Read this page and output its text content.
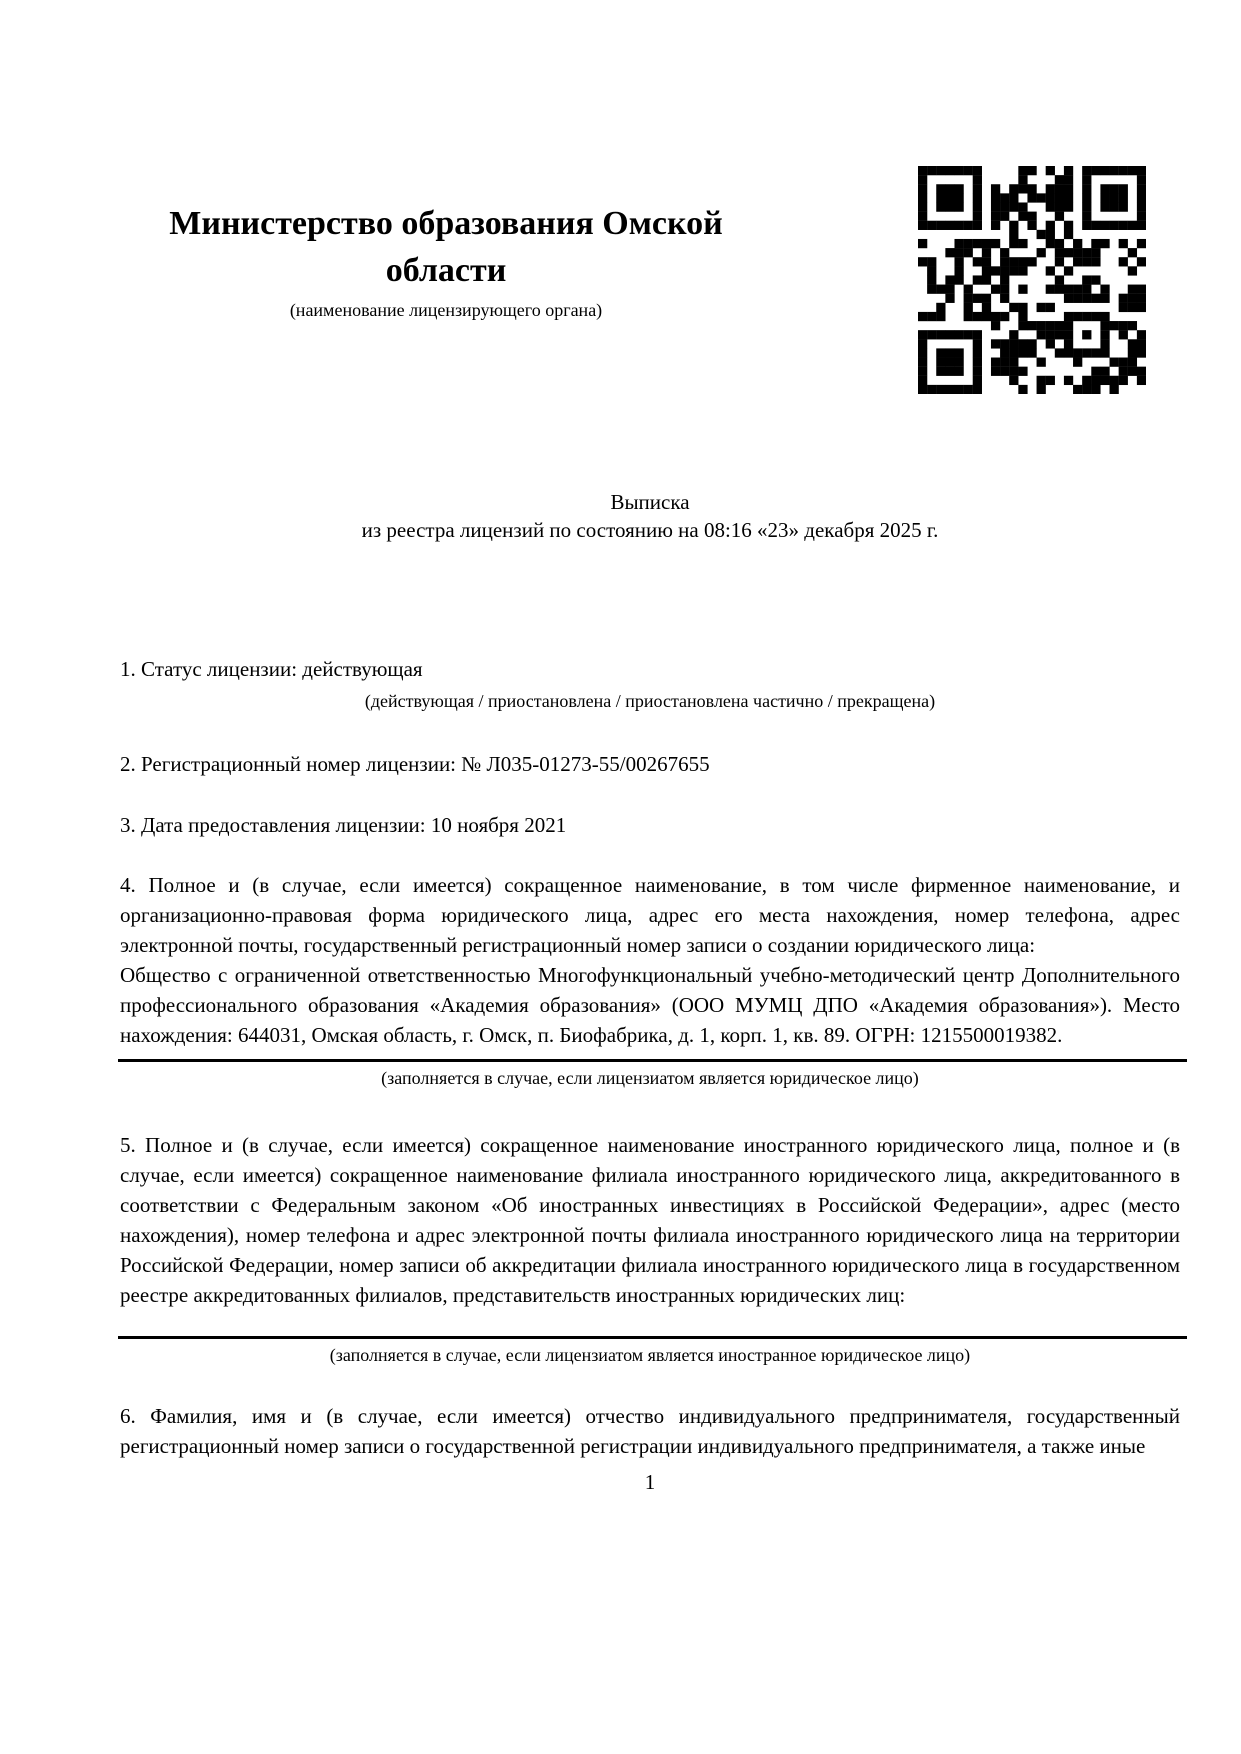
Министерство образования Омской области
(наименование лицензирующего органа)
Выписка
из реестра лицензий по состоянию на 08:16 «23» декабря 2025 г.

1. Статус лицензии: действующая

(действующая / приостановлена / приостановлена частично / прекращена)

2. Регистрационный номер лицензии: № Л035-01273-55/00267655

3. Дата предоставления лицензии: 10 ноября 2021

4. Полное и (в случае, если имеется) сокращенное наименование, в том числе фирменное наименование, и организационно-правовая форма юридического лица, адрес его места нахождения, номер телефона, адрес электронной почты, государственный регистрационный номер записи о создании юридического лица:

Общество с ограниченной ответственностью Многофункциональный учебно-методический центр Дополнительного профессионального образования «Академия образования» (ООО МУМЦ ДПО «Академия образования»). Место нахождения: 644031, Омская область, г. Омск, п. Биофабрика, д. 1, корп. 1, кв. 89. ОГРН: 1215500019382.

(заполняется в случае, если лицензиатом является юридическое лицо)

5. Полное и (в случае, если имеется) сокращенное наименование иностранного юридического лица, полное и (в случае, если имеется) сокращенное наименование филиала иностранного юридического лица, аккредитованного в соответствии с Федеральным законом «Об иностранных инвестициях в Российской Федерации», адрес (место нахождения), номер телефона и адрес электронной почты филиала иностранного юридического лица на территории Российской Федерации, номер записи об аккредитации филиала иностранного юридического лица в государственном реестре аккредитованных филиалов, представительств иностранных юридических лиц:

(заполняется в случае, если лицензиатом является иностранное юридическое лицо)

6. Фамилия, имя и (в случае, если имеется) отчество индивидуального предпринимателя, государственный регистрационный номер записи о государственной регистрации индивидуального предпринимателя, а также иные

1
